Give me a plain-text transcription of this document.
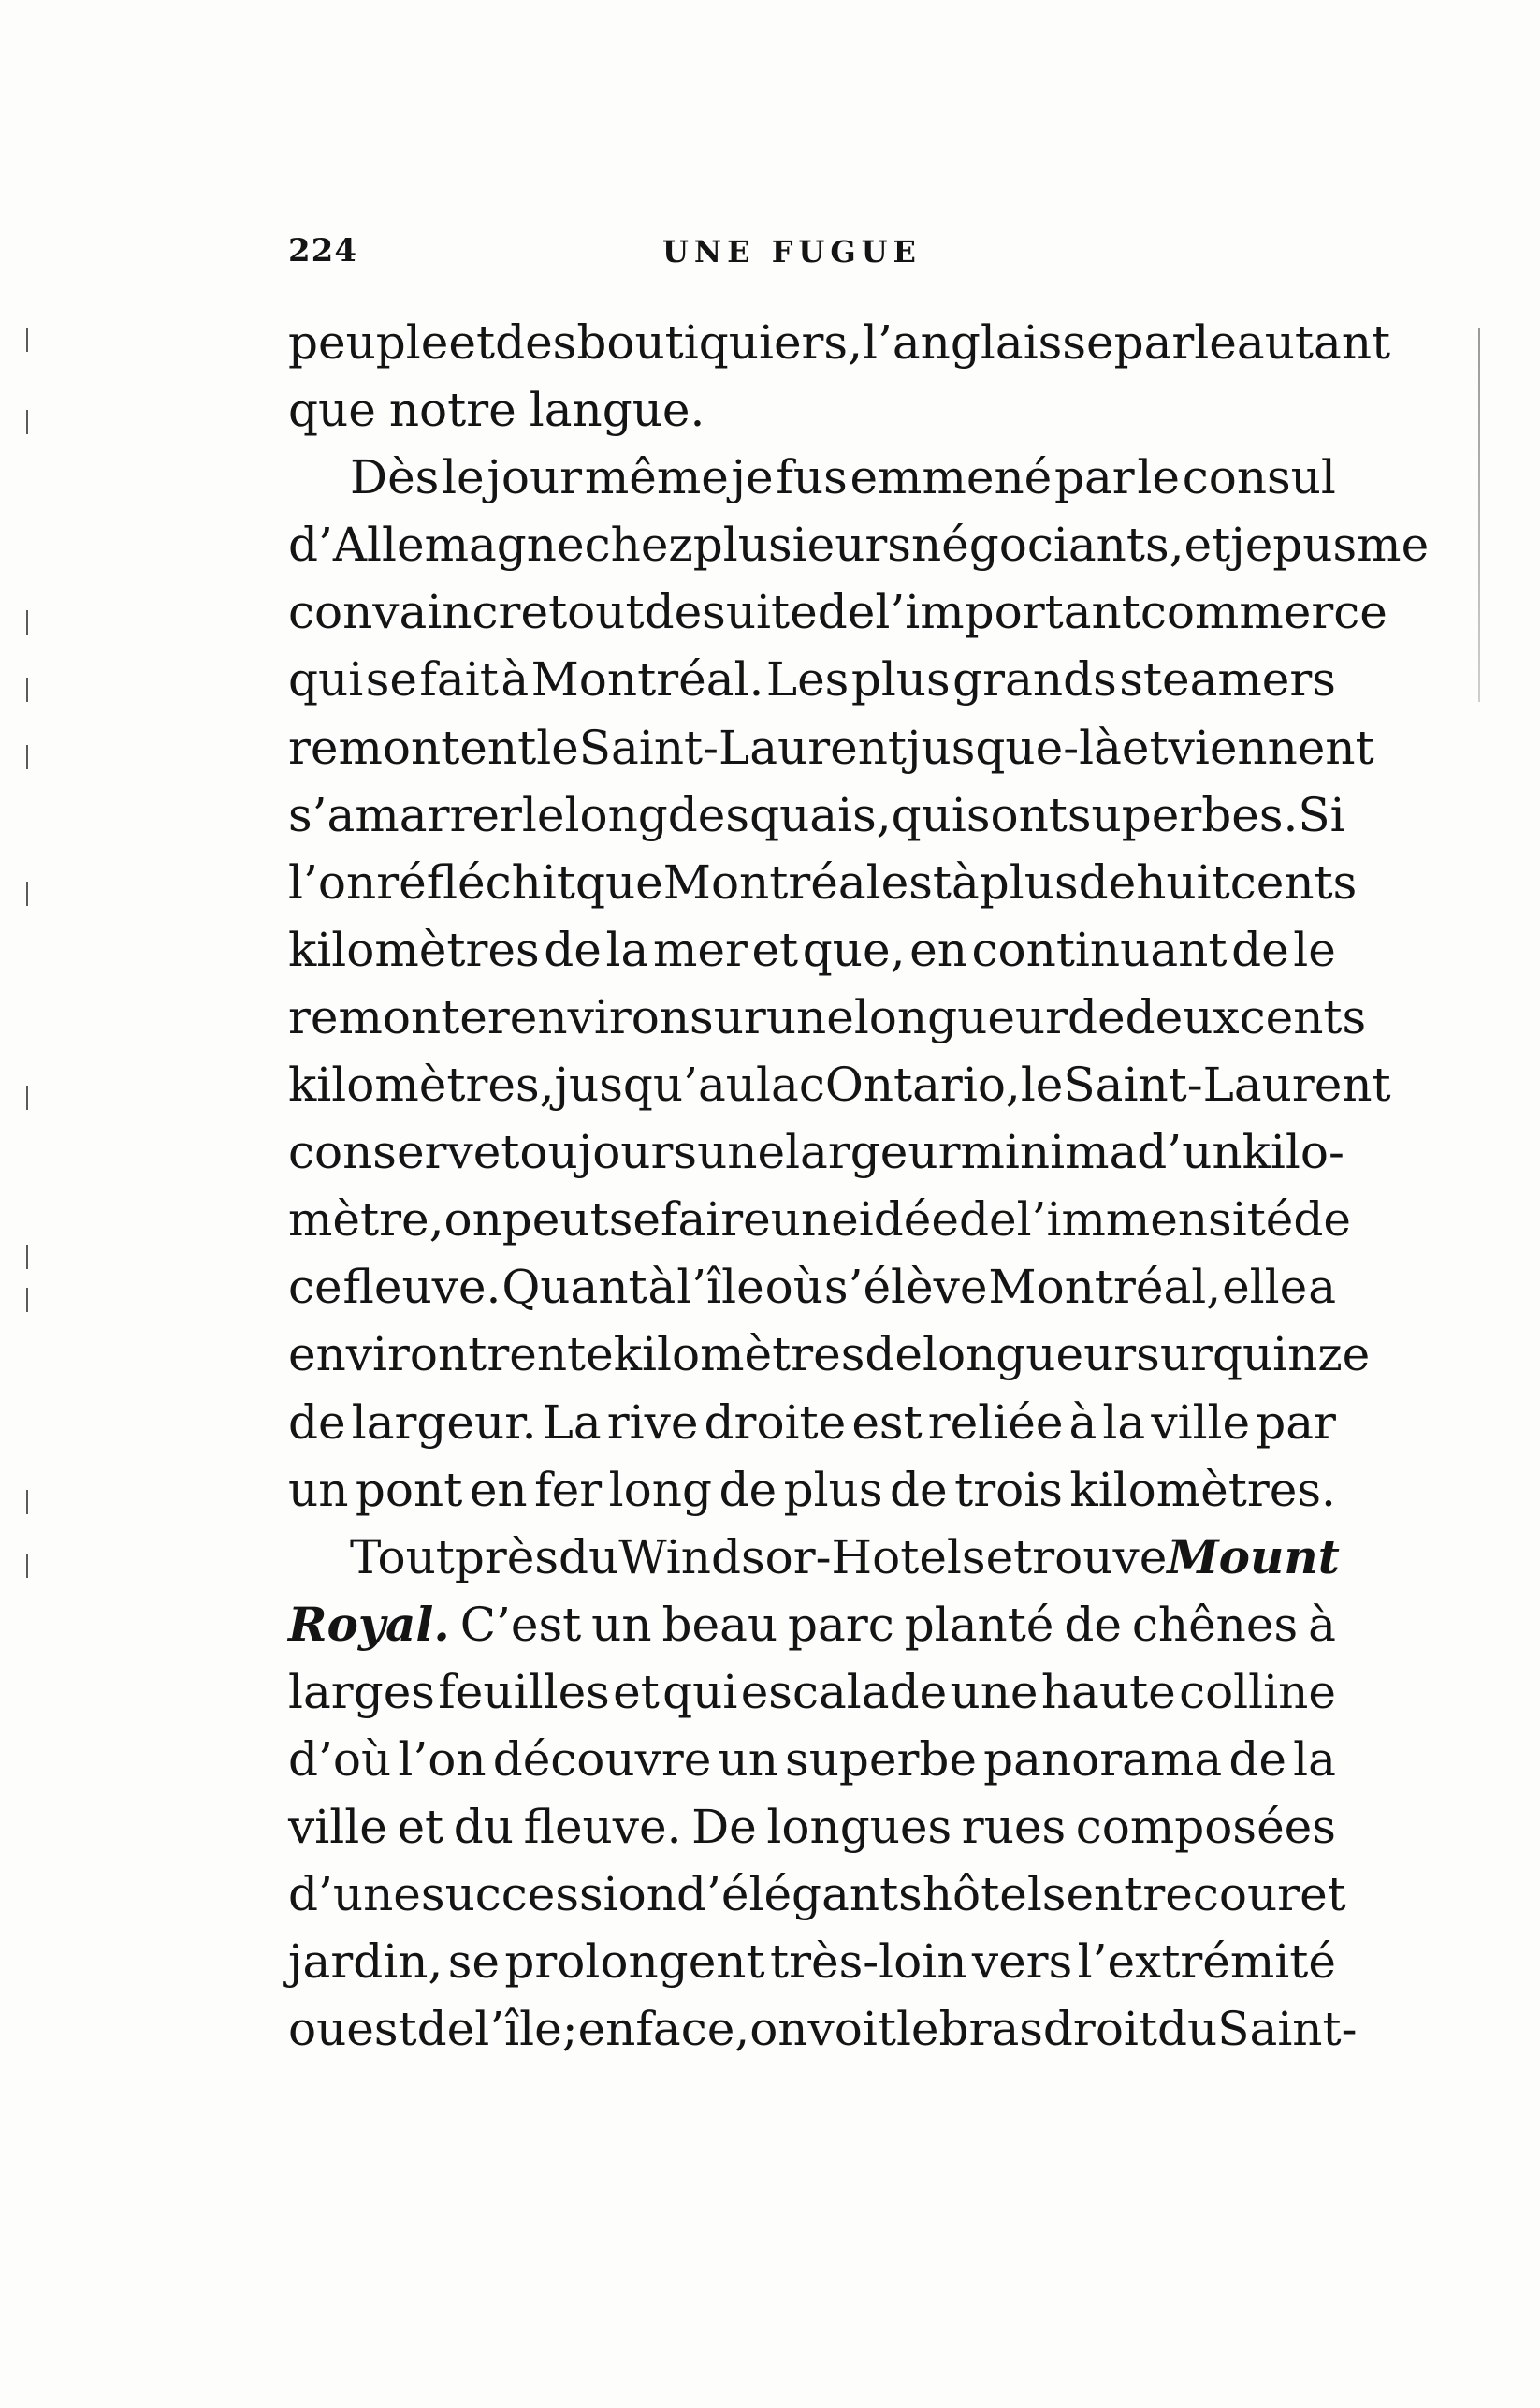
224	UNE FUGUE
peuple et des boutiquiers, l’anglais se parle autant
que notre langue.
Dès le jour même je fus emmené par le consul
d’Allemagne chez plusieurs négociants, et je pus me
convaincre tout de suite de l’important commerce
qui se fait à Montréal. Les plus grands steamers
remontent le Saint-Laurent jusque-là et viennent
s’amarrer le long des quais, qui sont superbes. Si
l’on réfléchit que Montréal est à plus de huit cents
kilomètres de la mer et que, en continuant de le
remonter environ sur une longueur de deux cents
kilomètres, jusqu’au lac Ontario, le Saint-Laurent
conserve toujours une largeur minima d’un kilo-
mètre, on peut se faire une idée de l’immensité de
ce fleuve. Quant à l’île où s’élève Montréal, elle a
environ trente kilomètres de longueur sur quinze
de largeur. La rive droite est reliée à la ville par
un pont en fer long de plus de trois kilomètres.
Tout près du Windsor-Hotel se trouve Mount
Royal. C’est un beau parc planté de chênes à
larges feuilles et qui escalade une haute colline
d’où l’on découvre un superbe panorama de la
ville et du fleuve. De longues rues composées
d’une succession d’élégants hôtels entre cour et
jardin, se prolongent très-loin vers l’extrémité
ouest de l’île; en face, on voit le bras droit du Saint-
